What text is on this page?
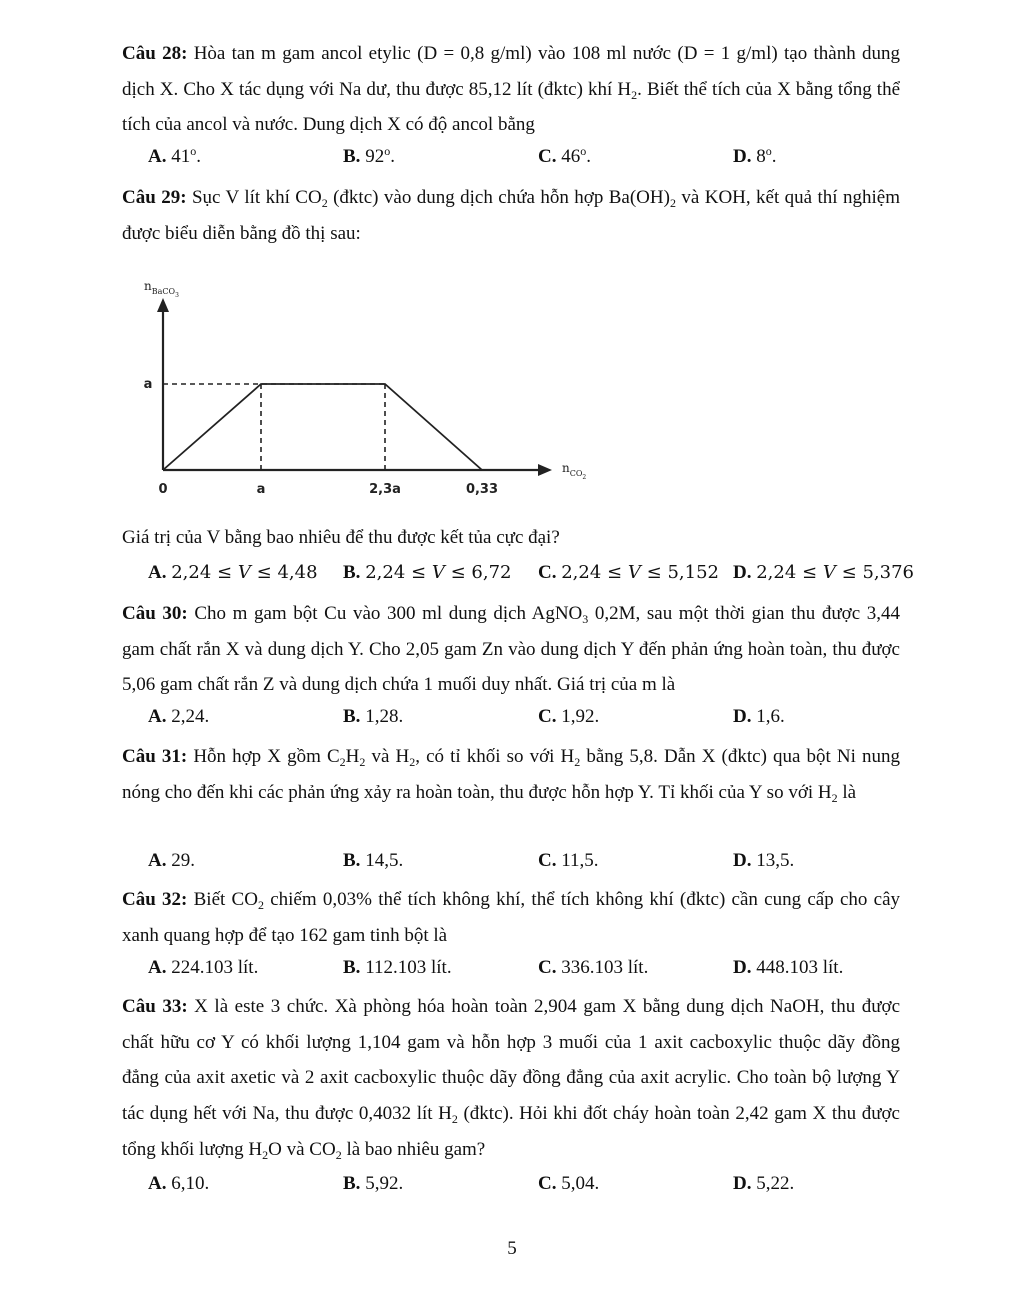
Câu 28: Hòa tan m gam ancol etylic (D = 0,8 g/ml) vào 108 ml nước (D = 1 g/ml) tạo thành dung dịch X. Cho X tác dụng với Na dư, thu được 85,12 lít (đktc) khí $H_2$. Biết thể tích của X bằng tổng thể tích của ancol và nước. Dung dịch X có độ ancol bằng
A. 41$^o$.	B. 92$^o$.	C. 46$^o$.	D. 8$^o$.
Câu 29: Sục V lít khí $CO_2$ (đktc) vào dung dịch chứa hỗn hợp $Ba(OH)_2$ và KOH, kết quả thí nghiệm được biểu diễn bằng đồ thị sau:
$n_{BaCO3}$
$n_{CO2}$
0	a	2,3a	0,33
a
Giá trị của V bằng bao nhiêu để thu được kết tủa cực đại?
A. 2,24 ≤ V ≤ 4,48 B. 2,24 ≤ V ≤ 6,72 C. 2,24 ≤ V ≤ 5,152 D. 2,24 ≤ V ≤ 5,376
Câu 30: Cho m gam bột Cu vào 300 ml dung dịch AgNO$_3$ 0,2M, sau một thời gian thu được 3,44 gam chất rắn X và dung dịch Y. Cho 2,05 gam Zn vào dung dịch Y đến phản ứng hoàn toàn, thu được 5,06 gam chất rắn Z và dung dịch chứa 1 muối duy nhất. Giá trị của m là
A. 2,24.	B. 1,28.	C. 1,92.	D. 1,6.
Câu 31: Hỗn hợp X gồm $C_2H_2$ và $H_2$, có tỉ khối so với $H_2$ bằng 5,8. Dẫn X (đktc) qua bột Ni nung nóng cho đến khi các phản ứng xảy ra hoàn toàn, thu được hỗn hợp Y. Tỉ khối của Y so với $H_2$ là
A. 29.	B. 14,5.	C. 11,5.	D. 13,5.
Câu 32: Biết $CO_2$ chiếm 0,03% thể tích không khí, thể tích không khí (đktc) cần cung cấp cho cây xanh quang hợp để tạo 162 gam tinh bột là
A. 224.103 lít.	B. 112.103 lít.	C. 336.103 lít.	D. 448.103 lít.
Câu 33: X là este 3 chức. Xà phòng hóa hoàn toàn 2,904 gam X bằng dung dịch NaOH, thu được chất hữu cơ Y có khối lượng 1,104 gam và hỗn hợp 3 muối của 1 axit cacboxylic thuộc dãy đồng đẳng của axit axetic và 2 axit cacboxylic thuộc dãy đồng đẳng của axit acrylic. Cho toàn bộ lượng Y tác dụng hết với Na, thu được 0,4032 lít $H_2$ (đktc). Hỏi khi đốt cháy hoàn toàn 2,42 gam X thu được tổng khối lượng $H_2O$ và $CO_2$ là bao nhiêu gam?
A. 6,10.	B. 5,92.	C. 5,04.	D. 5,22.
5
